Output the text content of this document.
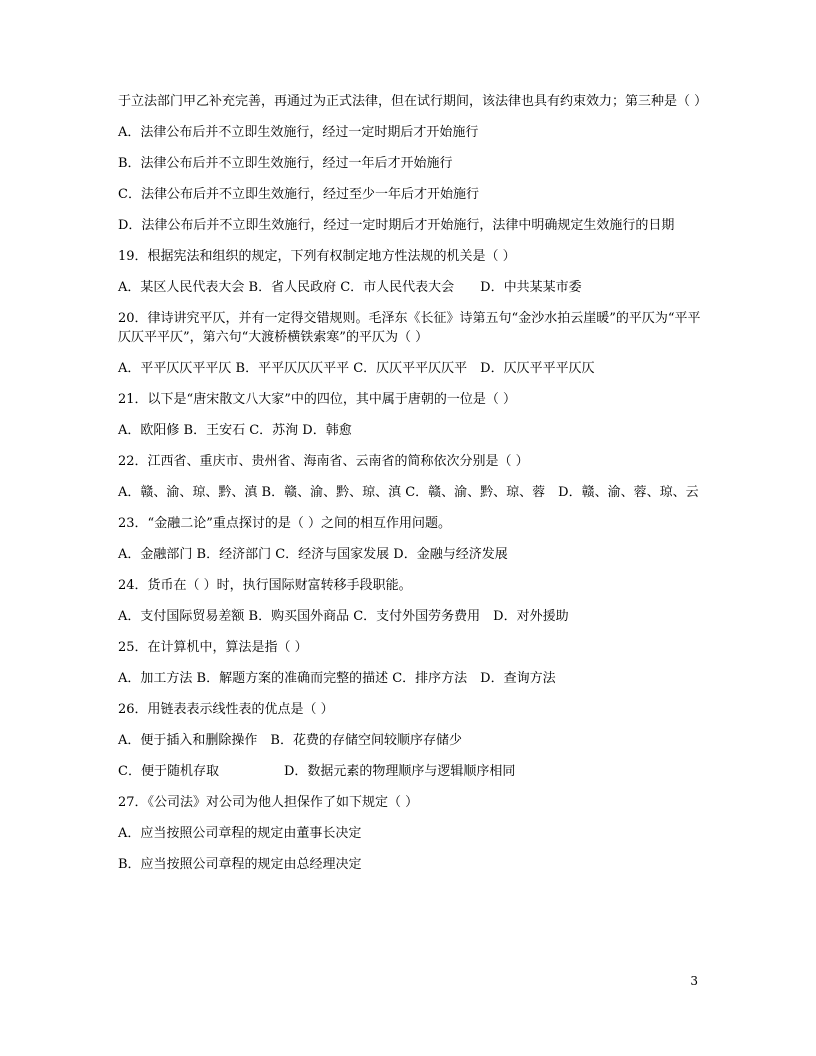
于立法部门甲乙补充完善，再通过为正式法律，但在试行期间，该法律也具有约束效力；第三种是（ ）
A．法律公布后并不立即生效施行，经过一定时期后才开始施行
B．法律公布后并不立即生效施行，经过一年后才开始施行
C．法律公布后并不立即生效施行，经过至少一年后才开始施行
D．法律公布后并不立即生效施行，经过一定时期后才开始施行，法律中明确规定生效施行的日期
19．根据宪法和组织的规定，下列有权制定地方性法规的机关是（ ）
A．某区人民代表大会 B．省人民政府 C．市人民代表大会　　D．中共某某市委
20．律诗讲究平仄，并有一定得交错规则。毛泽东《长征》诗第五句“金沙水拍云崖暖”的平仄为“平平仄仄平平仄”，第六句“大渡桥横铁索寒”的平仄为（ ）
A．平平仄仄平平仄 B．平平仄仄仄平平 C．仄仄平平仄仄平　D．仄仄平平平仄仄
21．以下是“唐宋散文八大家”中的四位，其中属于唐朝的一位是（ ）
A．欧阳修 B．王安石 C．苏洵 D．韩愈
22．江西省、重庆市、贵州省、海南省、云南省的简称依次分别是（ ）
A．赣、渝、琼、黔、滇 B．赣、渝、黔、琼、滇 C．赣、渝、黔、琼、蓉　D．赣、渝、蓉、琼、云
23．“金融二论”重点探讨的是（ ）之间的相互作用问题。
A．金融部门 B．经济部门 C．经济与国家发展 D．金融与经济发展
24．货币在（ ）时，执行国际财富转移手段职能。
A．支付国际贸易差额 B．购买国外商品 C．支付外国劳务费用　D．对外援助
25．在计算机中，算法是指（ ）
A．加工方法 B．解题方案的准确而完整的描述 C．排序方法　D．查询方法
26．用链表表示线性表的优点是（ ）
A．便于插入和删除操作　B．花费的存储空间较顺序存储少
C．便于随机存取　　　　　D．数据元素的物理顺序与逻辑顺序相同
27．《公司法》对公司为他人担保作了如下规定（ ）
A．应当按照公司章程的规定由董事长决定
B．应当按照公司章程的规定由总经理决定
3
